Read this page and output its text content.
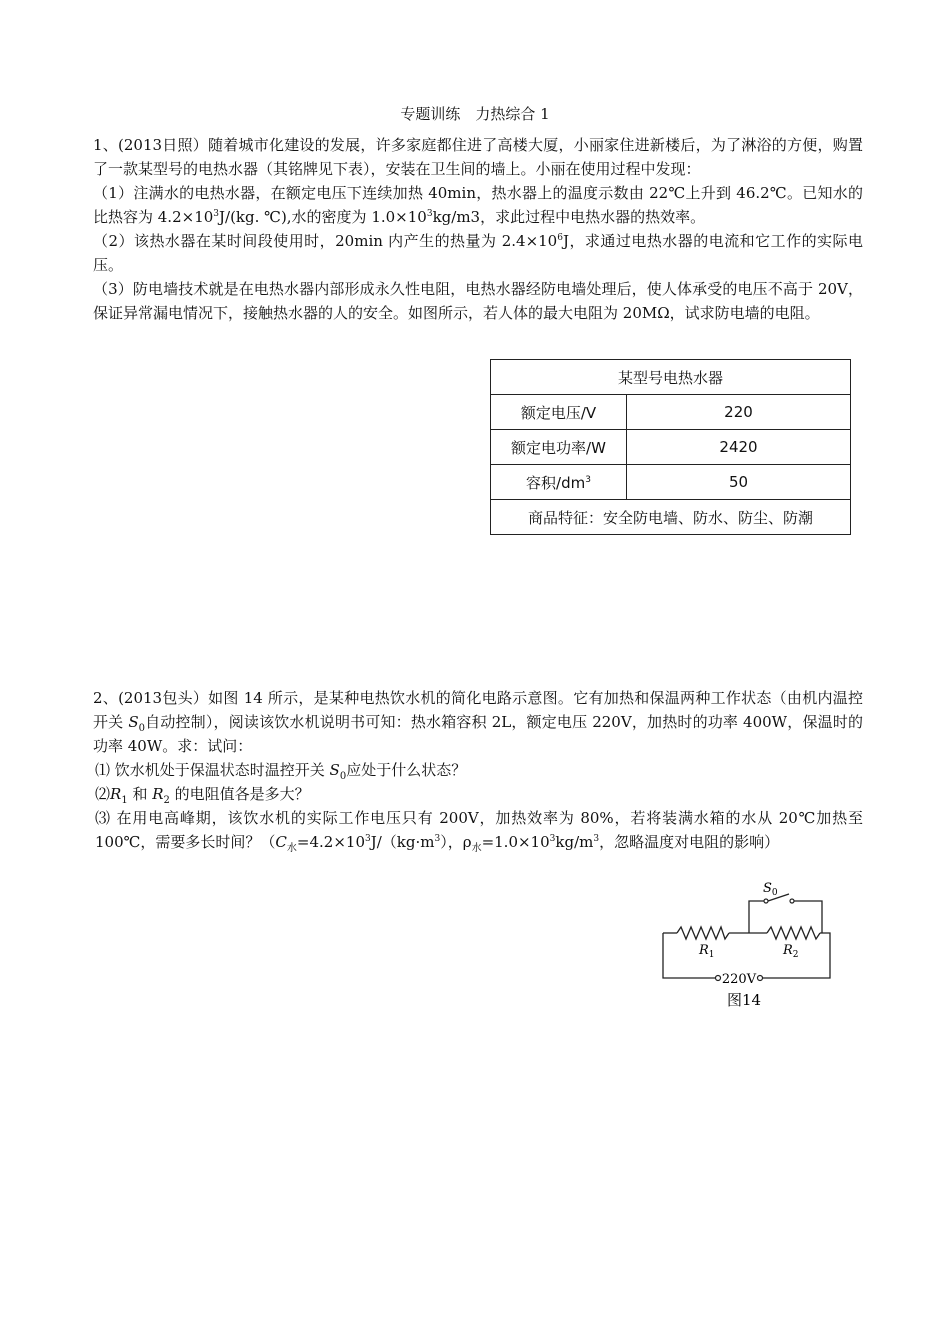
专题训练　力热综合 1

1、(2013日照）随着城市化建设的发展，许多家庭都住进了高楼大厦，小丽家住进新楼后，为了淋浴的方便，购置了一款某型号的电热水器（其铭牌见下表），安装在卫生间的墙上。小丽在使用过程中发现：

（1）注满水的电热水器，在额定电压下连续加热 40min，热水器上的温度示数由 22℃上升到 46.2℃。已知水的比热容为 $4.2\times 10^3J/(kg$. ℃),水的密度为 $1.0\times 10^3kg/m3$，求此过程中电热水器的热效率。

（2）该热水器在某时间段使用时，20min 内产生的热量为 $2.4\times 10^6J$，求通过电热水器的电流和它工作的实际电压。

（3）防电墙技术就是在电热水器内部形成永久性电阻，电热水器经防电墙处理后，使人体承受的电压不高于 20V，保证异常漏电情况下，接触热水器的人的安全。如图所示，若人体的最大电阻为 20MΩ，试求防电墙的电阻。

某型号电热水器	
额定电压/V	220
额定电功率/W	2420
容积$/dm^3$	50
商品特征：安全防电墙、防水、防尘、防潮	

2、(2013包头）如图 14 所示，是某种电热饮水机的简化电路示意图。它有加热和保温两种工作状态（由机内温控开关 $S_0$自动控制），阅读该饮水机说明书可知：热水箱容积 2L，额定电压 220V，加热时的功率 400W，保温时的功率 40W。求：试问：

⑴ 饮水机处于保温状态时温控开关 $S_0$应处于什么状态？

$⑵R_1$ 和 $R_2$ 的电阻值各是多大？

⑶ 在用电高峰期，该饮水机的实际工作电压只有 200V，加热效率为 80%，若将装满水箱的水从 20℃加热至 100℃，需要多长时间？（$C_水=4.2\times 10^3J/(kg\cdot m^3)$，$\rho_水=1.0\times 10^3kg/m^3$，忽略温度对电阻的影响）

$S_0$
$R_1$	$R_2$
220V
图14
